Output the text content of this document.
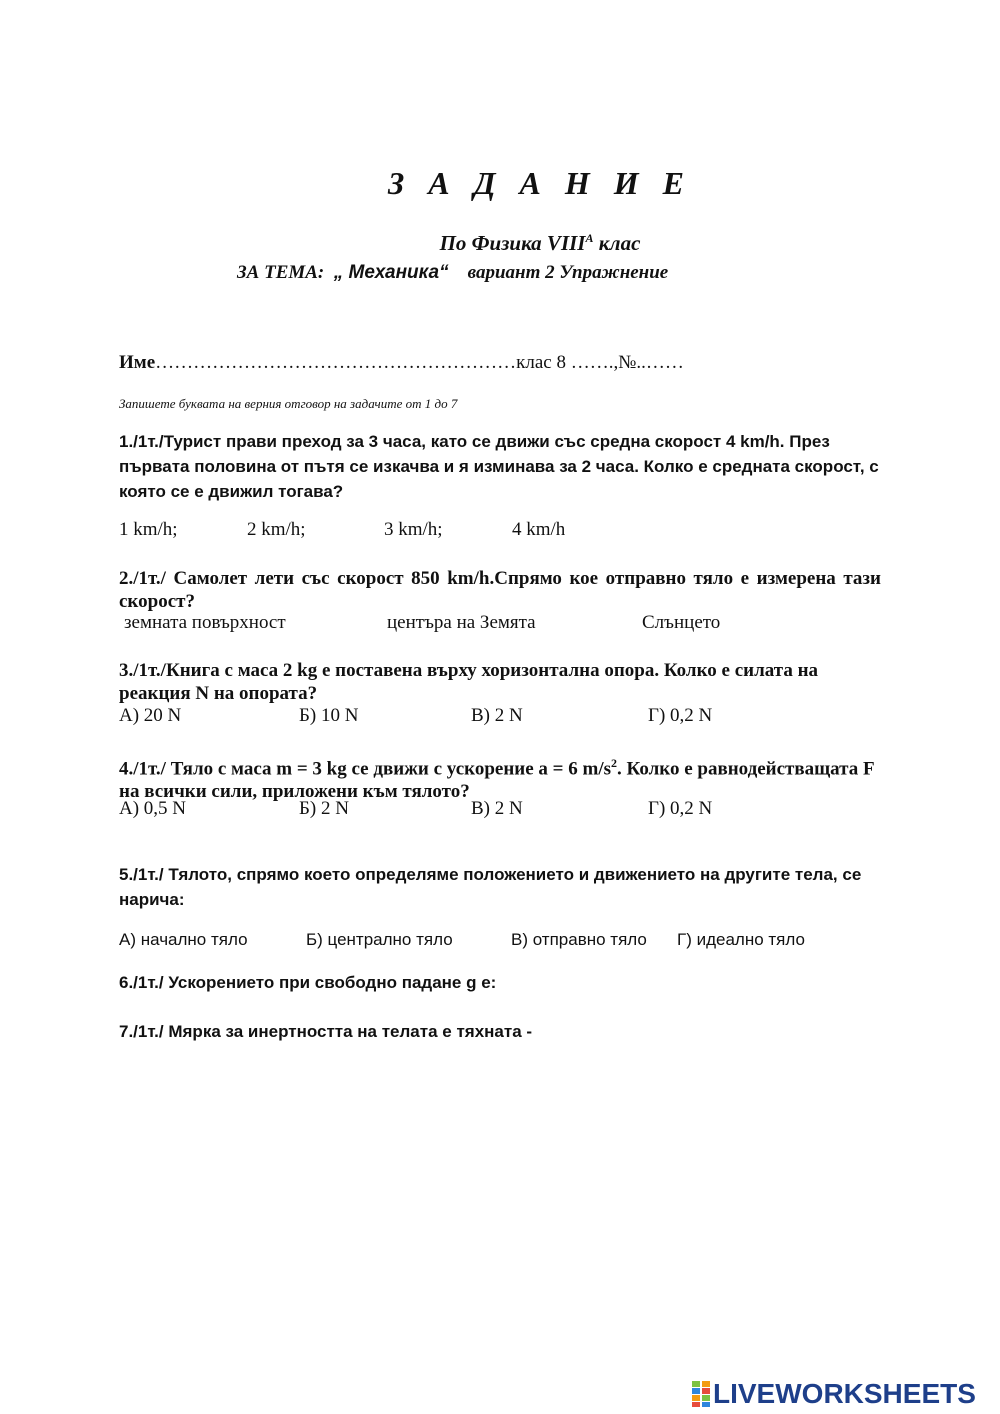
З А Д А Н И Е
По Физика $VIII^A$ клас
ЗА ТЕМА: „ Механика“ вариант 2 Упражнение
Име…………………………………………………клас 8 …….,№..……
Запишете буквата на верния отговор на задачите от 1 до 7
1./1т./Турист прави преход за 3 часа, като се движи със средна скорост 4 km/h. През първата половина от пътя се изкачва и я изминава за 2 часа. Колко е средната скорост, с която се е движил тогава?
1 km/h;	2 km/h;	3 km/h;	4 km/h
2./1т./ Самолет лети със скорост 850 km/h.Спрямо кое отправно тяло е измерена тази скорост?
земната повърхност	центъра на Земята	Слънцето
3./1т./Книга с маса 2 kg е поставена върху хоризонтална опора. Колко е силата на реакция N на опората?
А) 20 N	Б) 10 N	В) 2 N	Г) 0,2 N
4./1т./ Тяло с маса m = 3 kg се движи с ускорение a = 6 $m/s^2$. Колко е равнодействащата F на всички сили, приложени към тялото?
А) 0,5 N	Б) 2 N	В) 2 N	Г) 0,2 N
5./1т./ Тялото, спрямо което определяме положението и движението на другите тела, се нарича:
А) начално тяло	Б) централно тяло	В) отправно тяло Г) идеално тяло
6./1т./ Ускорението при свободно падане g е:
7./1т./ Мярка за инертността на телата е тяхната -
LIVEWORKSHEETS
